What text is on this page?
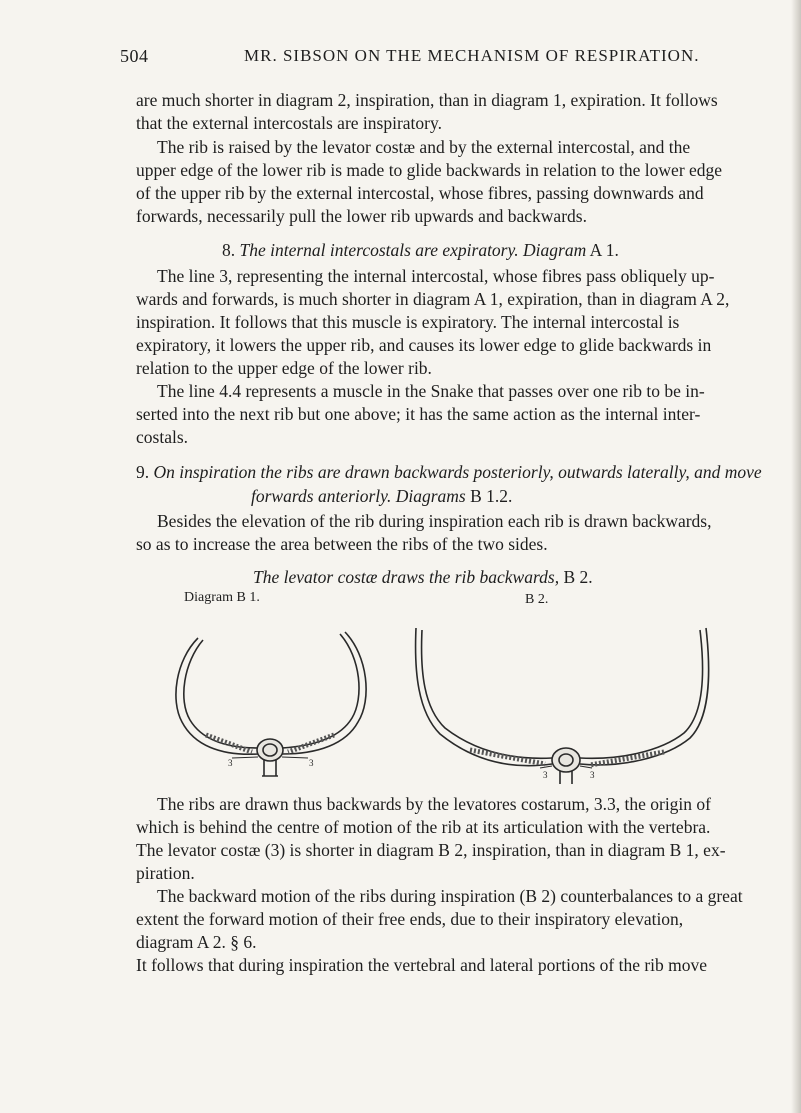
504	MR. SIBSON ON THE MECHANISM OF RESPIRATION.
are much shorter in diagram 2, inspiration, than in diagram 1, expiration. It follows
that the external intercostals are inspiratory.
The rib is raised by the levator costæ and by the external intercostal, and the
upper edge of the lower rib is made to glide backwards in relation to the lower edge
of the upper rib by the external intercostal, whose fibres, passing downwards and
forwards, necessarily pull the lower rib upwards and backwards.
8. The internal intercostals are expiratory. Diagram A 1.
The line 3, representing the internal intercostal, whose fibres pass obliquely up-
wards and forwards, is much shorter in diagram A 1, expiration, than in diagram A 2,
inspiration. It follows that this muscle is expiratory. The internal intercostal is
expiratory, it lowers the upper rib, and causes its lower edge to glide backwards in
relation to the upper edge of the lower rib.
The line 4.4 represents a muscle in the Snake that passes over one rib to be in-
serted into the next rib but one above; it has the same action as the internal inter-
costals.
9. On inspiration the ribs are drawn backwards posteriorly, outwards laterally, and move
forwards anteriorly. Diagrams B 1.2.
Besides the elevation of the rib during inspiration each rib is drawn backwards,
so as to increase the area between the ribs of the two sides.
The levator costæ draws the rib backwards, B 2.
Diagram B 1.	B 2.
3	3
3	3
The ribs are drawn thus backwards by the levatores costarum, 3.3, the origin of
which is behind the centre of motion of the rib at its articulation with the vertebra.
The levator costæ (3) is shorter in diagram B 2, inspiration, than in diagram B 1, ex-
piration.
The backward motion of the ribs during inspiration (B 2) counterbalances to a great
extent the forward motion of their free ends, due to their inspiratory elevation,
diagram A 2. § 6.
It follows that during inspiration the vertebral and lateral portions of the rib move
